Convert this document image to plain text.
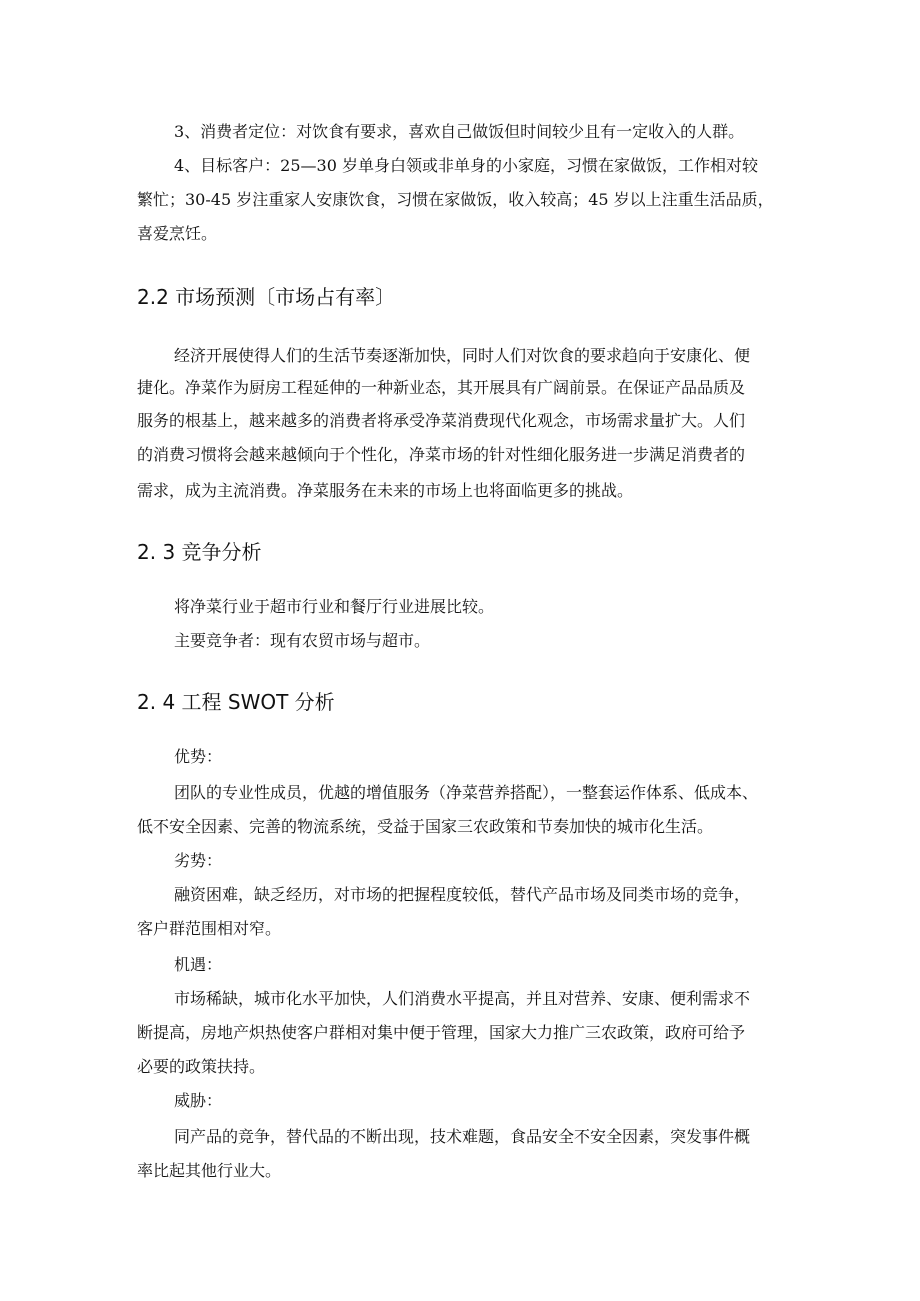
3、消费者定位：对饮食有要求，喜欢自己做饭但时间较少且有一定收入的人群。

4、目标客户：25—30 岁单身白领或非单身的小家庭，习惯在家做饭，工作相对较

繁忙；30-45 岁注重家人安康饮食，习惯在家做饭，收入较高；45 岁以上注重生活品质，

喜爱烹饪。

2.2 市场预测〔市场占有率〕

经济开展使得人们的生活节奏逐渐加快，同时人们对饮食的要求趋向于安康化、便

捷化。净菜作为厨房工程延伸的一种新业态，其开展具有广阔前景。在保证产品品质及

服务的根基上，越来越多的消费者将承受净菜消费现代化观念，市场需求量扩大。人们

的消费习惯将会越来越倾向于个性化，净菜市场的针对性细化服务进一步满足消费者的

需求，成为主流消费。净菜服务在未来的市场上也将面临更多的挑战。

2. 3 竞争分析

将净菜行业于超市行业和餐厅行业进展比较。

主要竞争者：现有农贸市场与超市。

2. 4 工程 SWOT 分析

优势：

团队的专业性成员，优越的增值服务（净菜营养搭配），一整套运作体系、低成本、

低不安全因素、完善的物流系统，受益于国家三农政策和节奏加快的城市化生活。

劣势：

融资困难，缺乏经历，对市场的把握程度较低，替代产品市场及同类市场的竞争，

客户群范围相对窄。

机遇：

市场稀缺，城市化水平加快，人们消费水平提高，并且对营养、安康、便利需求不

断提高，房地产炽热使客户群相对集中便于管理，国家大力推广三农政策，政府可给予

必要的政策扶持。

威胁：

同产品的竞争，替代品的不断出现，技术难题，食品安全不安全因素，突发事件概

率比起其他行业大。
